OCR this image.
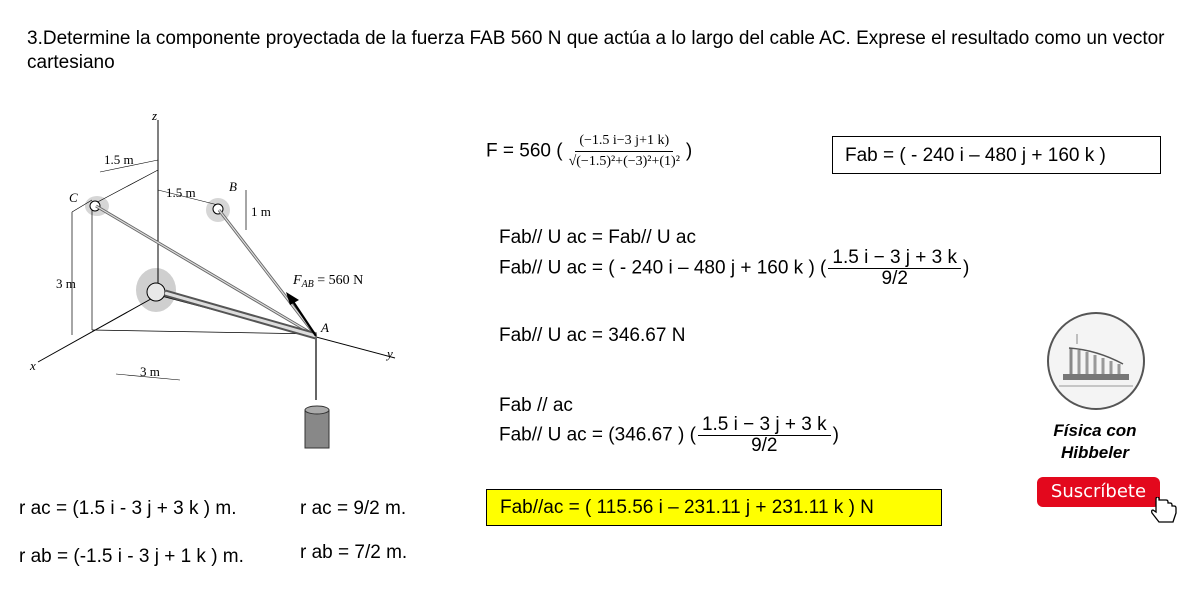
3.Determine la componente proyectada de la fuerza FAB 560 N que actúa a lo largo del cable AC. Exprese el resultado como un vector cartesiano
z
x
y
C
B
A
1.5 m
1.5 m
1 m
3 m
3 m
$F_{AB} = 560$ N
F = 560 ( $\frac{(-1.5 i-3 j+1 k)}{\text{√(−1.5)²+(−3)²+(1)²}}$ )	Fab = ( - 240 i – 480 j + 160 k )
Fab// U ac = Fab// U ac
Fab// U ac = ( - 240 i – 480 j + 160 k ) ( $\frac{1.5 i - 3 j + 3 k}{9/2}$ )
Fab// U ac = 346.67 N
Fab // ac
Fab// U ac = (346.67 ) ( $\frac{1.5 i - 3 j + 3 k}{9/2}$ )
Fab//ac = ( 115.56 i – 231.11 j + 231.11 k ) N
r ac = (1.5 i - 3 j + 3 k ) m.	r ac = 9/2 m.
r ab = (-1.5 i - 3 j + 1 k ) m.	r ab = 7/2 m.
Física con Hibbeler
Suscríbete
